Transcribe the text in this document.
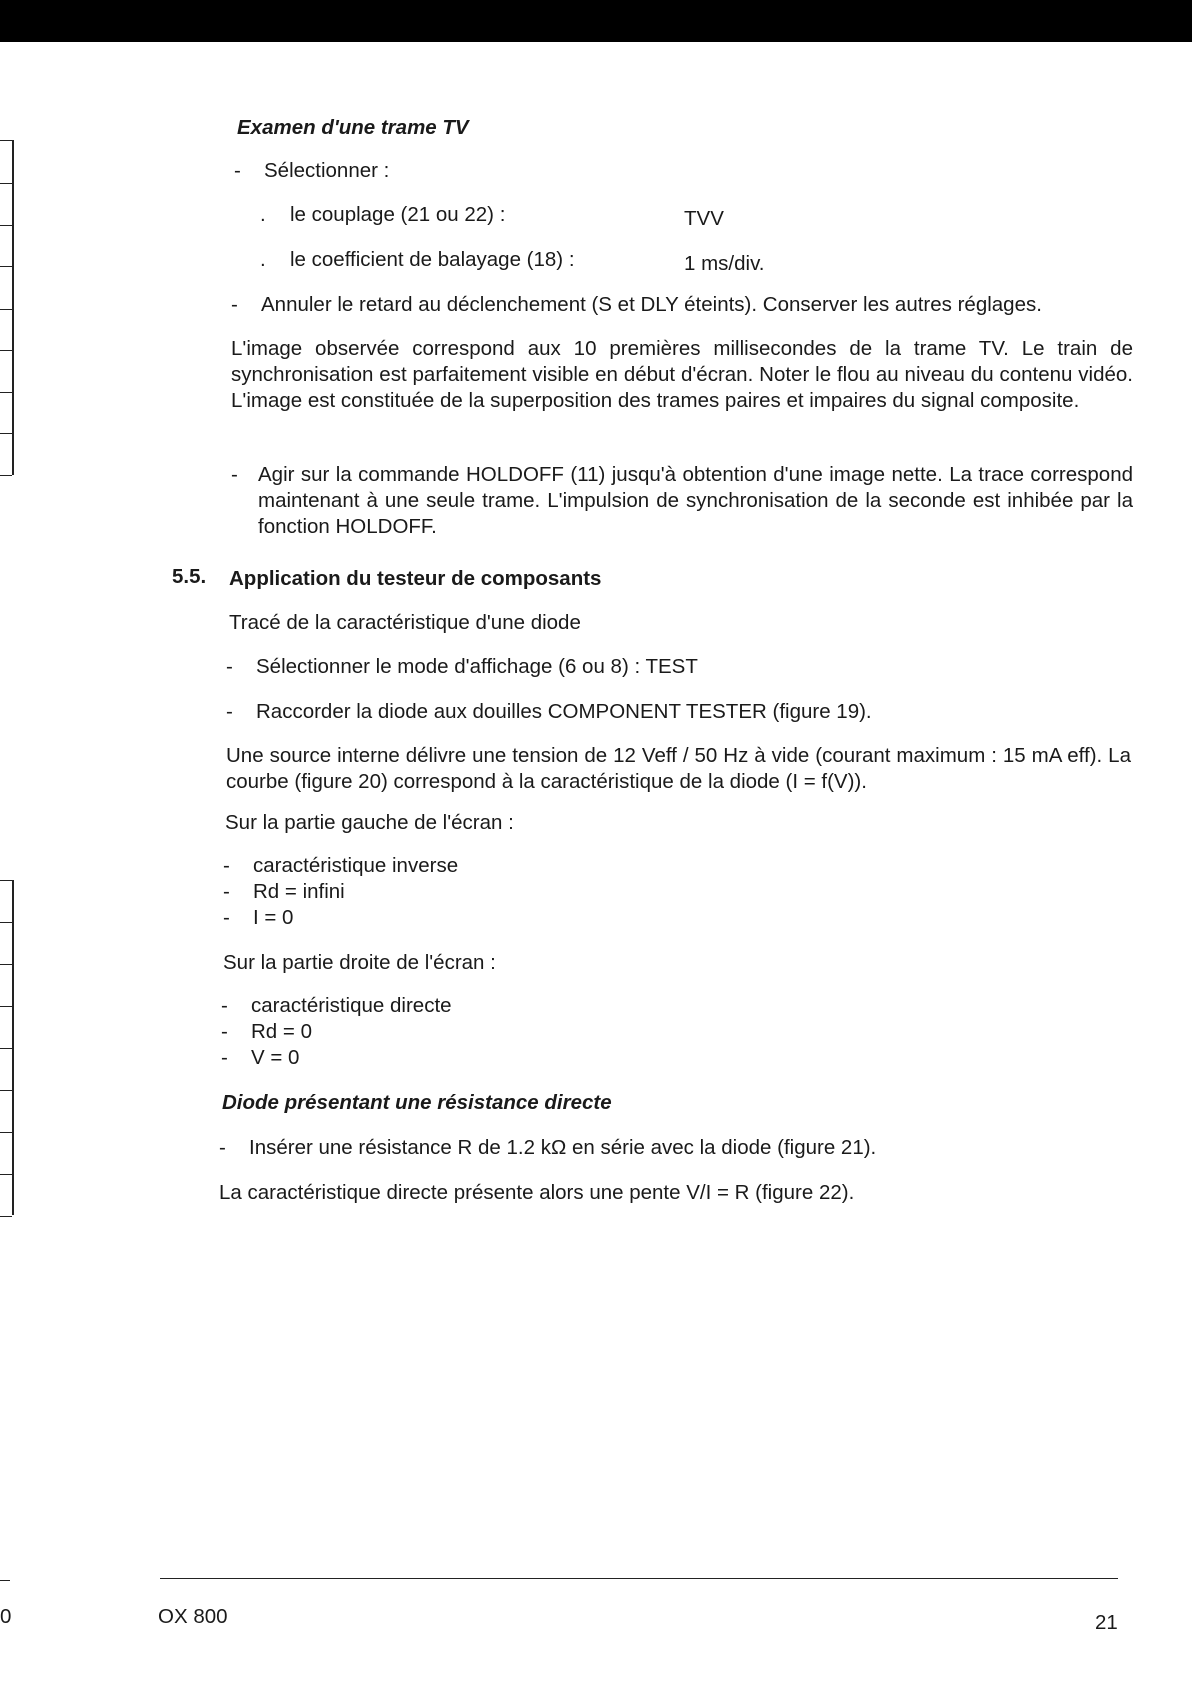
Examen d'une trame TV
- Sélectionner :
. le couplage (21 ou 22) :	TVV
. le coefficient de balayage (18) :	1 ms/div.
- Annuler le retard au déclenchement (S et DLY éteints). Conserver les autres réglages.
L'image observée correspond aux 10 premières millisecondes de la trame TV. Le train de synchronisation est parfaitement visible en début d'écran. Noter le flou au niveau du contenu vidéo. L'image est constituée de la superposition des trames paires et impaires du signal composite.
- Agir sur la commande HOLDOFF (11) jusqu'à obtention d'une image nette. La trace correspond maintenant à une seule trame. L'impulsion de synchronisation de la seconde est inhibée par la fonction HOLDOFF.
5.5. Application du testeur de composants
Tracé de la caractéristique d'une diode
- Sélectionner le mode d'affichage (6 ou 8) : TEST
- Raccorder la diode aux douilles COMPONENT TESTER (figure 19).
Une source interne délivre une tension de 12 Veff / 50 Hz à vide (courant maximum : 15 mA eff). La courbe (figure 20) correspond à la caractéristique de la diode (I = f(V)).
Sur la partie gauche de l'écran :
- caractéristique inverse
- Rd = infini
- I = 0
Sur la partie droite de l'écran :
- caractéristique directe
- Rd = 0
- V = 0
Diode présentant une résistance directe
- Insérer une résistance R de 1.2 kΩ en série avec la diode (figure 21).
La caractéristique directe présente alors une pente V/I = R (figure 22).
0	OX 800	21
